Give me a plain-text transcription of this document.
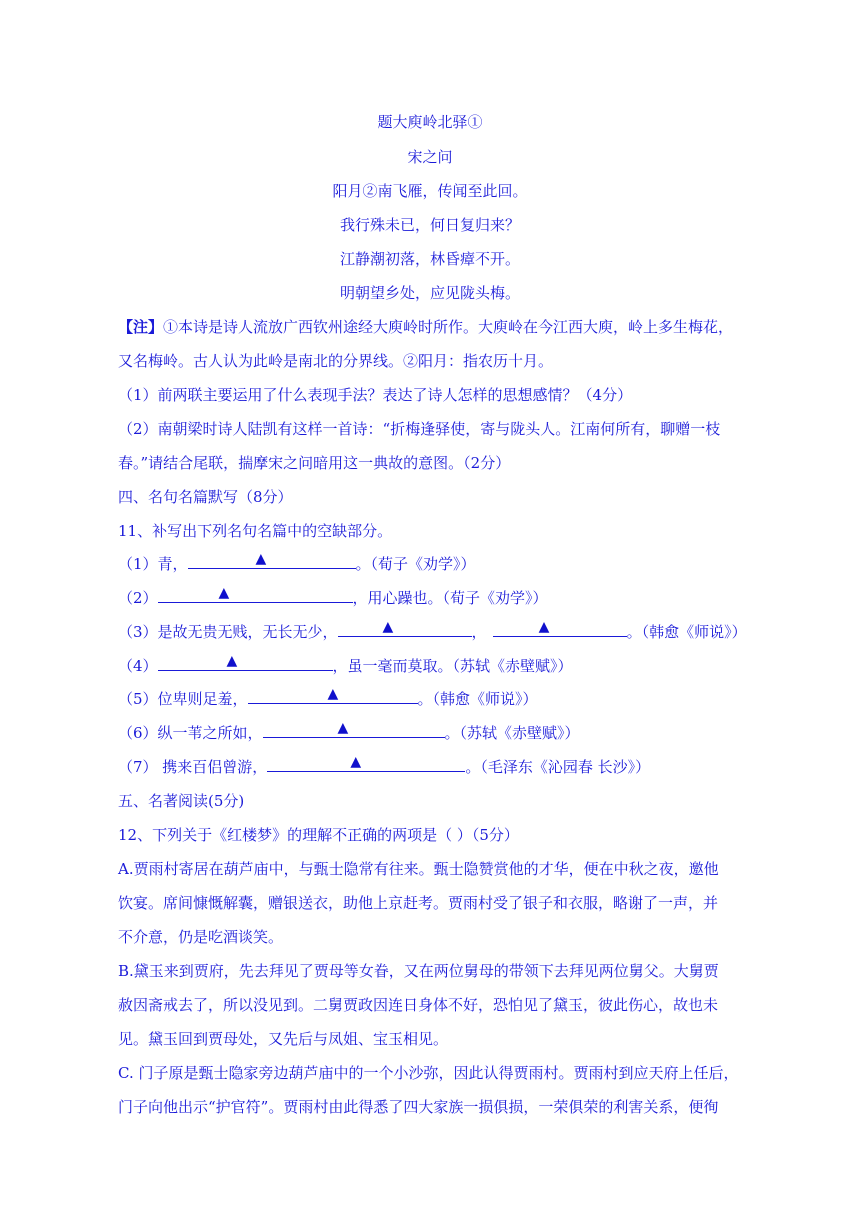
题大庾岭北驿①
宋之问
阳月②南飞雁，传闻至此回。
我行殊未已，何日复归来？
江静潮初落，林昏瘴不开。
明朝望乡处，应见陇头梅。
【注】①本诗是诗人流放广西钦州途经大庾岭时所作。大庾岭在今江西大庾，岭上多生梅花，
又名梅岭。古人认为此岭是南北的分界线。②阳月：指农历十月。
（1）前两联主要运用了什么表现手法？表达了诗人怎样的思想感情？（4分）
（2）南朝梁时诗人陆凯有这样一首诗：“折梅逢驿使，寄与陇头人。江南何所有，聊赠一枝
春。”请结合尾联，揣摩宋之问暗用这一典故的意图。（2分）
四、名句名篇默写（8分）
11、补写出下列名句名篇中的空缺部分。
（1）青，	▲	。（荀子《劝学》）
（2）	▲	，用心躁也。（荀子《劝学》）
（3）是故无贵无贱，无长无少，	▲	，	▲	。（韩愈《师说》）
（4）	▲	，虽一毫而莫取。（苏轼《赤壁赋》）
（5）位卑则足羞，	▲	。（韩愈《师说》）
（6）纵一苇之所如，	▲	。（苏轼《赤壁赋》）
（7） 携来百侣曾游，	▲	。（毛泽东《沁园春 长沙》）
五、名著阅读(5分)
12、下列关于《红楼梦》的理解不正确的两项是（ ）（5分）
A.贾雨村寄居在葫芦庙中，与甄士隐常有往来。甄士隐赞赏他的才华，便在中秋之夜，邀他
饮宴。席间慷慨解囊，赠银送衣，助他上京赶考。贾雨村受了银子和衣服，略谢了一声，并
不介意，仍是吃酒谈笑。
B.黛玉来到贾府，先去拜见了贾母等女眷，又在两位舅母的带领下去拜见两位舅父。大舅贾
赦因斋戒去了，所以没见到。二舅贾政因连日身体不好，恐怕见了黛玉，彼此伤心，故也未
见。黛玉回到贾母处，又先后与凤姐、宝玉相见。
C. 门子原是甄士隐家旁边葫芦庙中的一个小沙弥，因此认得贾雨村。贾雨村到应天府上任后，
门子向他出示“护官符”。贾雨村由此得悉了四大家族一损俱损，一荣俱荣的利害关系，便徇
